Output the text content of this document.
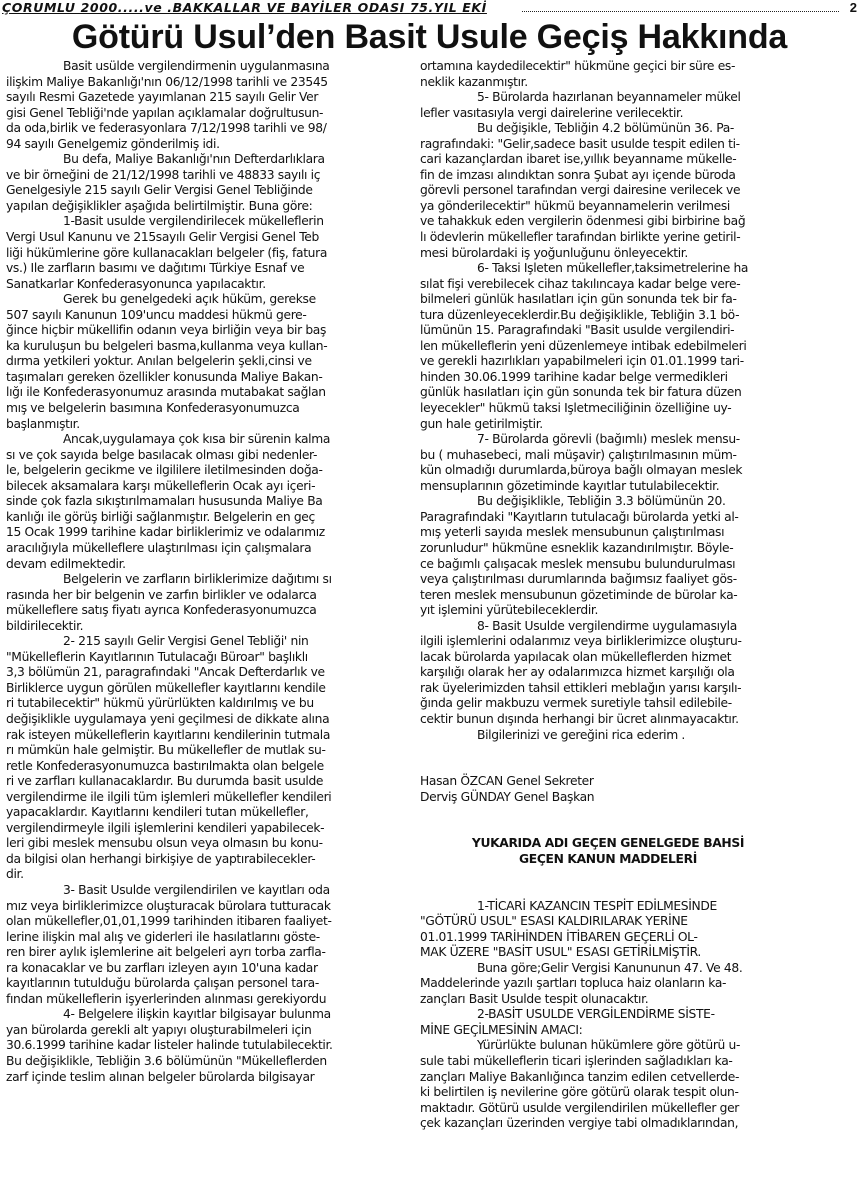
ÇORUMLU 2000.....ve .BAKKALLAR VE BAYİLER ODASI 75.YIL EKİ	2
Götürü Usul’den Basit Usule Geçiş Hakkında
Basit usülde vergilendirmenin uygulanmasına
ilişkim Maliye Bakanlığı'nın 06/12/1998 tarihli ve 23545
sayılı Resmi Gazetede yayımlanan 215 sayılı Gelir Ver
gisi Genel Tebliği'nde yapılan açıklamalar doğrultusun-
da oda,birlik ve federasyonlara 7/12/1998 tarihli ve 98/
94 sayılı Genelgemiz gönderilmiş idi.
Bu defa, Maliye Bakanlığı'nın Defterdarlıklara
ve bir örneğini de 21/12/1998 tarihli ve 48833 sayılı iç
Genelgesiyle 215 sayılı Gelir Vergisi Genel Tebliğinde
yapılan değişiklikler aşağıda belirtilmiştir. Buna göre:
1-Basit usulde vergilendirilecek mükelleflerin
Vergi Usul Kanunu ve 215sayılı Gelir Vergisi Genel Teb
liği hükümlerine göre kullanacakları belgeler (fiş, fatura
vs.) Ile zarfların basımı ve dağıtımı Türkiye Esnaf ve
Sanatkarlar Konfederasyonunca yapılacaktır.
Gerek bu genelgedeki açık hüküm, gerekse
507 sayılı Kanunun 109'uncu maddesi hükmü gere-
ğince hiçbir mükellifin odanın veya birliğin veya bir baş
ka kuruluşun bu belgeleri basma,kullanma veya kullan-
dırma yetkileri yoktur. Anılan belgelerin şekli,cinsi ve
taşımaları gereken özellikler konusunda Maliye Bakan-
lığı ile Konfederasyonumuz arasında mutabakat sağlan
mış ve belgelerin basımına Konfederasyonumuzca
başlanmıştır.
Ancak,uygulamaya çok kısa bir sürenin kalma
sı ve çok sayıda belge basılacak olması gibi nedenler-
le, belgelerin gecikme ve ilgililere iletilmesinden doğa-
bilecek aksamalara karşı mükelleflerin Ocak ayı içeri-
sinde çok fazla sıkıştırılmamaları hususunda Maliye Ba
kanlığı ile görüş birliği sağlanmıştır. Belgelerin en geç
15 Ocak 1999 tarihine kadar birliklerimiz ve odalarımız
aracılığıyla mükelleflere ulaştırılması için çalışmalara
devam edilmektedir.
Belgelerin ve zarfların birliklerimize dağıtımı sı
rasında her bir belgenin ve zarfın birlikler ve odalarca
mükelleflere satış fiyatı ayrıca Konfederasyonumuzca
bildirilecektir.
2- 215 sayılı Gelir Vergisi Genel Tebliği' nin
"Mükelleflerin Kayıtlarının Tutulacağı Büroar" başlıklı
3,3 bölümün 21, paragrafındaki "Ancak Defterdarlık ve
Birliklerce uygun görülen mükellefler kayıtlarını kendile
ri tutabilecektir" hükmü yürürlükten kaldırılmış ve bu
değişiklikle uygulamaya yeni geçilmesi de dikkate alına
rak isteyen mükelleflerin kayıtlarını kendilerinin tutmala
rı mümkün hale gelmiştir. Bu mükellefler de mutlak su-
retle Konfederasyonumuzca bastırılmakta olan belgele
ri ve zarfları kullanacaklardır. Bu durumda basit usulde
vergilendirme ile ilgili tüm işlemleri mükellefler kendileri
yapacaklardır. Kayıtlarını kendileri tutan mükellefler,
vergilendirmeyle ilgili işlemlerini kendileri yapabilecek-
leri gibi meslek mensubu olsun veya olmasın bu konu-
da bilgisi olan herhangi birkişiye de yaptırabilecekler-
dir.
3- Basit Usulde vergilendirilen ve kayıtları oda
mız veya birliklerimizce oluşturacak bürolara tutturacak
olan mükellefler,01,01,1999 tarihinden itibaren faaliyet-
lerine ilişkin mal alış ve giderleri ile hasılatlarını göste-
ren birer aylık işlemlerine ait belgeleri ayrı torba zarfla-
ra konacaklar ve bu zarfları izleyen ayın 10'una kadar
kayıtlarının tutulduğu bürolarda çalışan personel tara-
fından mükelleflerin işyerlerinden alınması gerekiyordu
4- Belgelere ilişkin kayıtlar bilgisayar bulunma
yan bürolarda gerekli alt yapıyı oluşturabilmeleri için
30.6.1999 tarihine kadar listeler halinde tutulabilecektir.
Bu değişiklikle, Tebliğin 3.6 bölümünün "Mükelleflerden
zarf içinde teslim alınan belgeler bürolarda bilgisayar
ortamına kaydedilecektir" hükmüne geçici bir süre es-
neklik kazanmıştır.
5- Bürolarda hazırlanan beyannameler mükel
lefler vasıtasıyla vergi dairelerine verilecektir.
Bu değişikle, Tebliğin 4.2 bölümünün 36. Pa-
ragrafındaki: "Gelir,sadece basit usulde tespit edilen ti-
cari kazançlardan ibaret ise,yıllık beyanname mükelle-
fin de imzası alındıktan sonra Şubat ayı içende büroda
görevli personel tarafından vergi dairesine verilecek ve
ya gönderilecektir" hükmü beyannamelerin verilmesi
ve tahakkuk eden vergilerin ödenmesi gibi birbirine bağ
lı ödevlerin mükellefler tarafından birlikte yerine getiril-
mesi bürolardaki iş yoğunluğunu önleyecektir.
6- Taksi Işleten mükellefler,taksimetrelerine ha
sılat fişi verebilecek cihaz takılıncaya kadar belge vere-
bilmeleri günlük hasılatları için gün sonunda tek bir fa-
tura düzenleyeceklerdir.Bu değişiklikle, Tebliğin 3.1 bö-
lümünün 15. Paragrafındaki "Basit usulde vergilendiri-
len mükelleflerin yeni düzenlemeye intibak edebilmeleri
ve gerekli hazırlıkları yapabilmeleri için 01.01.1999 tari-
hinden 30.06.1999 tarihine kadar belge vermedikleri
günlük hasılatları için gün sonunda tek bir fatura düzen
leyecekler" hükmü taksi Işletmeciliğinin özelliğine uy-
gun hale getirilmiştir.
7- Bürolarda görevli (bağımlı) meslek mensu-
bu ( muhasebeci, mali müşavir) çalıştırılmasının müm-
kün olmadığı durumlarda,büroya bağlı olmayan meslek
mensuplarının gözetiminde kayıtlar tutulabilecektir.
Bu değişiklikle, Tebliğin 3.3 bölümünün 20.
Paragrafındaki "Kayıtların tutulacağı bürolarda yetki al-
mış yeterli sayıda meslek mensubunun çalıştırılması
zorunludur" hükmüne esneklik kazandırılmıştır. Böyle-
ce bağımlı çalışacak meslek mensubu bulundurulması
veya çalıştırılması durumlarında bağımsız faaliyet gös-
teren meslek mensubunun gözetiminde de bürolar ka-
yıt işlemini yürütebileceklerdir.
8- Basit Usulde vergilendirme uygulamasıyla
ilgili işlemlerini odalarımız veya birliklerimizce oluşturu-
lacak bürolarda yapılacak olan mükelleflerden hizmet
karşılığı olarak her ay odalarımızca hizmet karşılığı ola
rak üyelerimizden tahsil ettikleri meblağın yarısı karşılı-
ğında gelir makbuzu vermek suretiyle tahsil edilebile-
cektir bunun dışında herhangi bir ücret alınmayacaktır.
Bilgilerinizi ve gereğini rica ederim .
Hasan ÖZCAN Genel Sekreter
Derviş GÜNDAY Genel Başkan
YUKARIDA ADI GEÇEN GENELGEDE BAHSİ
GEÇEN KANUN MADDELERİ
1-TİCARİ KAZANCIN TESPİT EDİLMESİNDE
"GÖTÜRÜ USUL" ESASI KALDIRILARAK YERİNE
01.01.1999 TARİHİNDEN İTİBAREN GEÇERLİ OL-
MAK ÜZERE "BASİT USUL" ESASI GETİRİLMİŞTİR.
Buna göre;Gelir Vergisi Kanununun 47. Ve 48.
Maddelerinde yazılı şartları topluca haiz olanların ka-
zançları Basit Usulde tespit olunacaktır.
2-BASİT USULDE VERGİLENDİRME SİSTE-
MİNE GEÇİLMESİNİN AMACI:
Yürürlükte bulunan hükümlere göre götürü u-
sule tabi mükelleflerin ticari işlerinden sağladıkları ka-
zançları Maliye Bakanlığınca tanzim edilen cetvellerde-
ki belirtilen iş nevilerine göre götürü olarak tespit olun-
maktadır. Götürü usulde vergilendirilen mükellefler ger
çek kazançları üzerinden vergiye tabi olmadıklarından,
